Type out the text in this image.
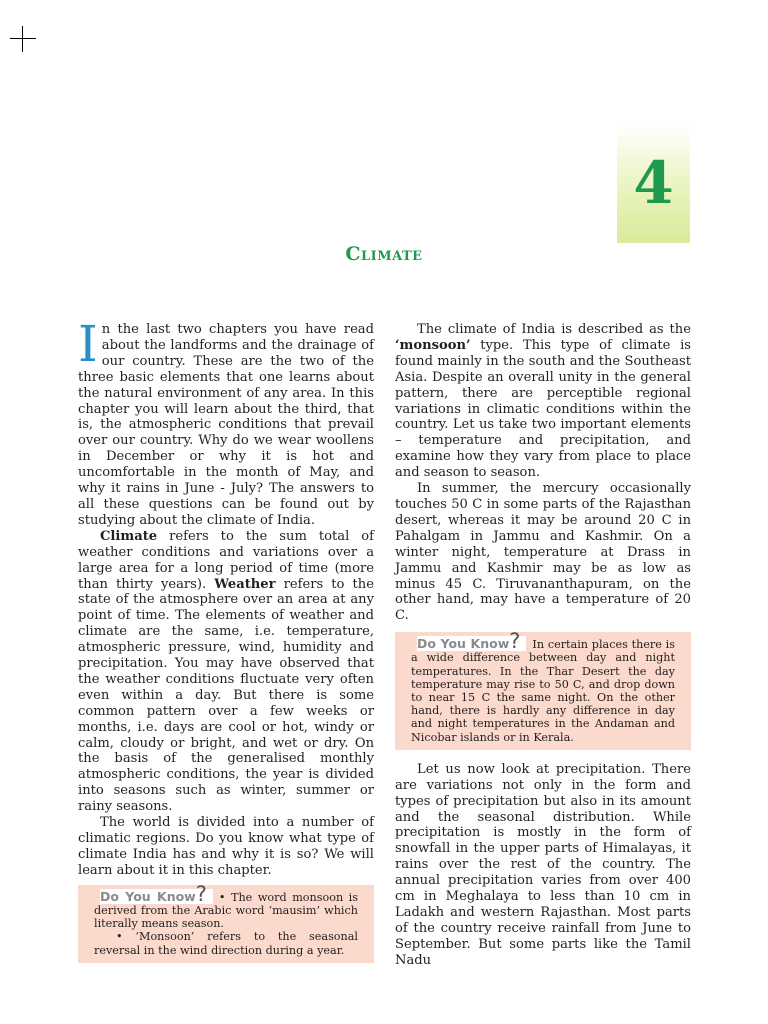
4
Climate

In the last two chapters you have read about the landforms and the drainage of our country. These are the two of the three basic elements that one learns about the natural environment of any area. In this chapter you will learn about the third, that is, the atmospheric conditions that prevail over our country. Why do we wear woollens in December or why it is hot and uncomfortable in the month of May, and why it rains in June - July? The answers to all these questions can be found out by studying about the climate of India.

Climate refers to the sum total of weather conditions and variations over a large area for a long period of time (more than thirty years). Weather refers to the state of the atmosphere over an area at any point of time. The elements of weather and climate are the same, i.e. temperature, atmospheric pressure, wind, humidity and precipitation. You may have observed that the weather conditions fluctuate very often even within a day. But there is some common pattern over a few weeks or months, i.e. days are cool or hot, windy or calm, cloudy or bright, and wet or dry. On the basis of the generalised monthly atmospheric conditions, the year is divided into seasons such as winter, summer or rainy seasons.

The world is divided into a number of climatic regions. Do you know what type of climate India has and why it is so? We will learn about it in this chapter.

Do You Know? • The word monsoon is derived from the Arabic word ‘mausim’ which literally means season.

• ‘Monsoon’ refers to the seasonal reversal in the wind direction during a year.

The climate of India is described as the ‘monsoon’ type. This type of climate is found mainly in the south and the Southeast Asia. Despite an overall unity in the general pattern, there are perceptible regional variations in climatic conditions within the country. Let us take two important elements – temperature and precipitation, and examine how they vary from place to place and season to season.

In summer, the mercury occasionally touches 50 C in some parts of the Rajasthan desert, whereas it may be around 20 C in Pahalgam in Jammu and Kashmir. On a winter night, temperature at Drass in Jammu and Kashmir may be as low as minus 45 C. Tiruvananthapuram, on the other hand, may have a temperature of 20 C.

Do You Know? In certain places there is a wide difference between day and night temperatures. In the Thar Desert the day temperature may rise to 50 C, and drop down to near 15 C the same night. On the other hand, there is hardly any difference in day and night temperatures in the Andaman and Nicobar islands or in Kerala.

Let us now look at precipitation. There are variations not only in the form and types of precipitation but also in its amount and the seasonal distribution. While precipitation is mostly in the form of snowfall in the upper parts of Himalayas, it rains over the rest of the country. The annual precipitation varies from over 400 cm in Meghalaya to less than 10 cm in Ladakh and western Rajasthan. Most parts of the country receive rainfall from June to September. But some parts like the Tamil Nadu
